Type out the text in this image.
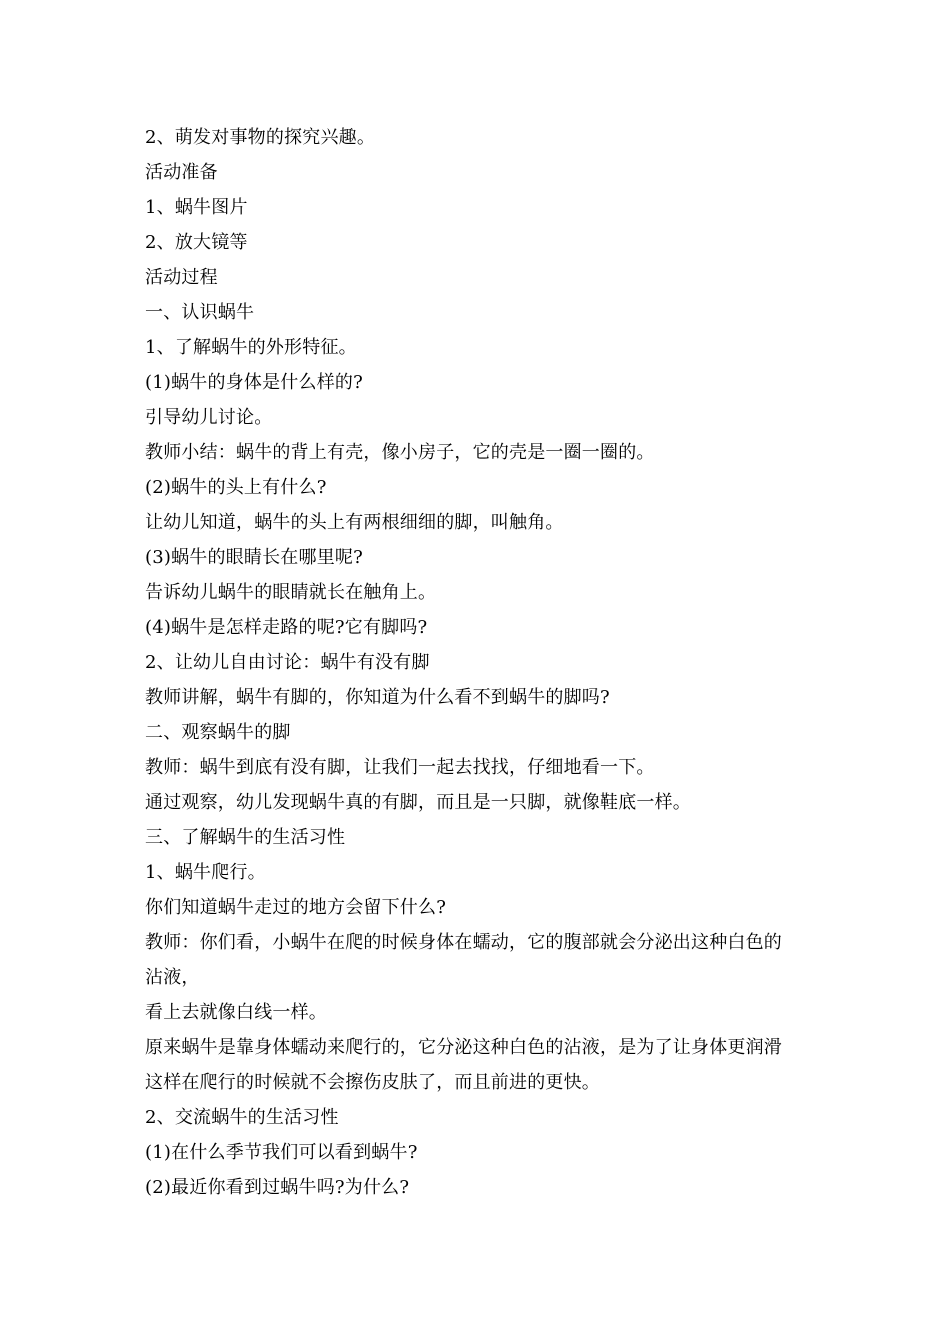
2、萌发对事物的探究兴趣。
活动准备
1、蜗牛图片
2、放大镜等
活动过程
一、认识蜗牛
1、了解蜗牛的外形特征。
(1)蜗牛的身体是什么样的?
引导幼儿讨论。
教师小结：蜗牛的背上有壳，像小房子，它的壳是一圈一圈的。
(2)蜗牛的头上有什么?
让幼儿知道，蜗牛的头上有两根细细的脚，叫触角。
(3)蜗牛的眼睛长在哪里呢?
告诉幼儿蜗牛的眼睛就长在触角上。
(4)蜗牛是怎样走路的呢?它有脚吗?
2、让幼儿自由讨论：蜗牛有没有脚
教师讲解，蜗牛有脚的，你知道为什么看不到蜗牛的脚吗?
二、观察蜗牛的脚
教师：蜗牛到底有没有脚，让我们一起去找找，仔细地看一下。
通过观察，幼儿发现蜗牛真的有脚，而且是一只脚，就像鞋底一样。
三、了解蜗牛的生活习性
1、蜗牛爬行。
你们知道蜗牛走过的地方会留下什么?
教师：你们看，小蜗牛在爬的时候身体在蠕动，它的腹部就会分泌出这种白色的
沾液，
看上去就像白线一样。
原来蜗牛是靠身体蠕动来爬行的，它分泌这种白色的沾液，是为了让身体更润滑
这样在爬行的时候就不会擦伤皮肤了，而且前进的更快。
2、交流蜗牛的生活习性
(1)在什么季节我们可以看到蜗牛?
(2)最近你看到过蜗牛吗?为什么?
